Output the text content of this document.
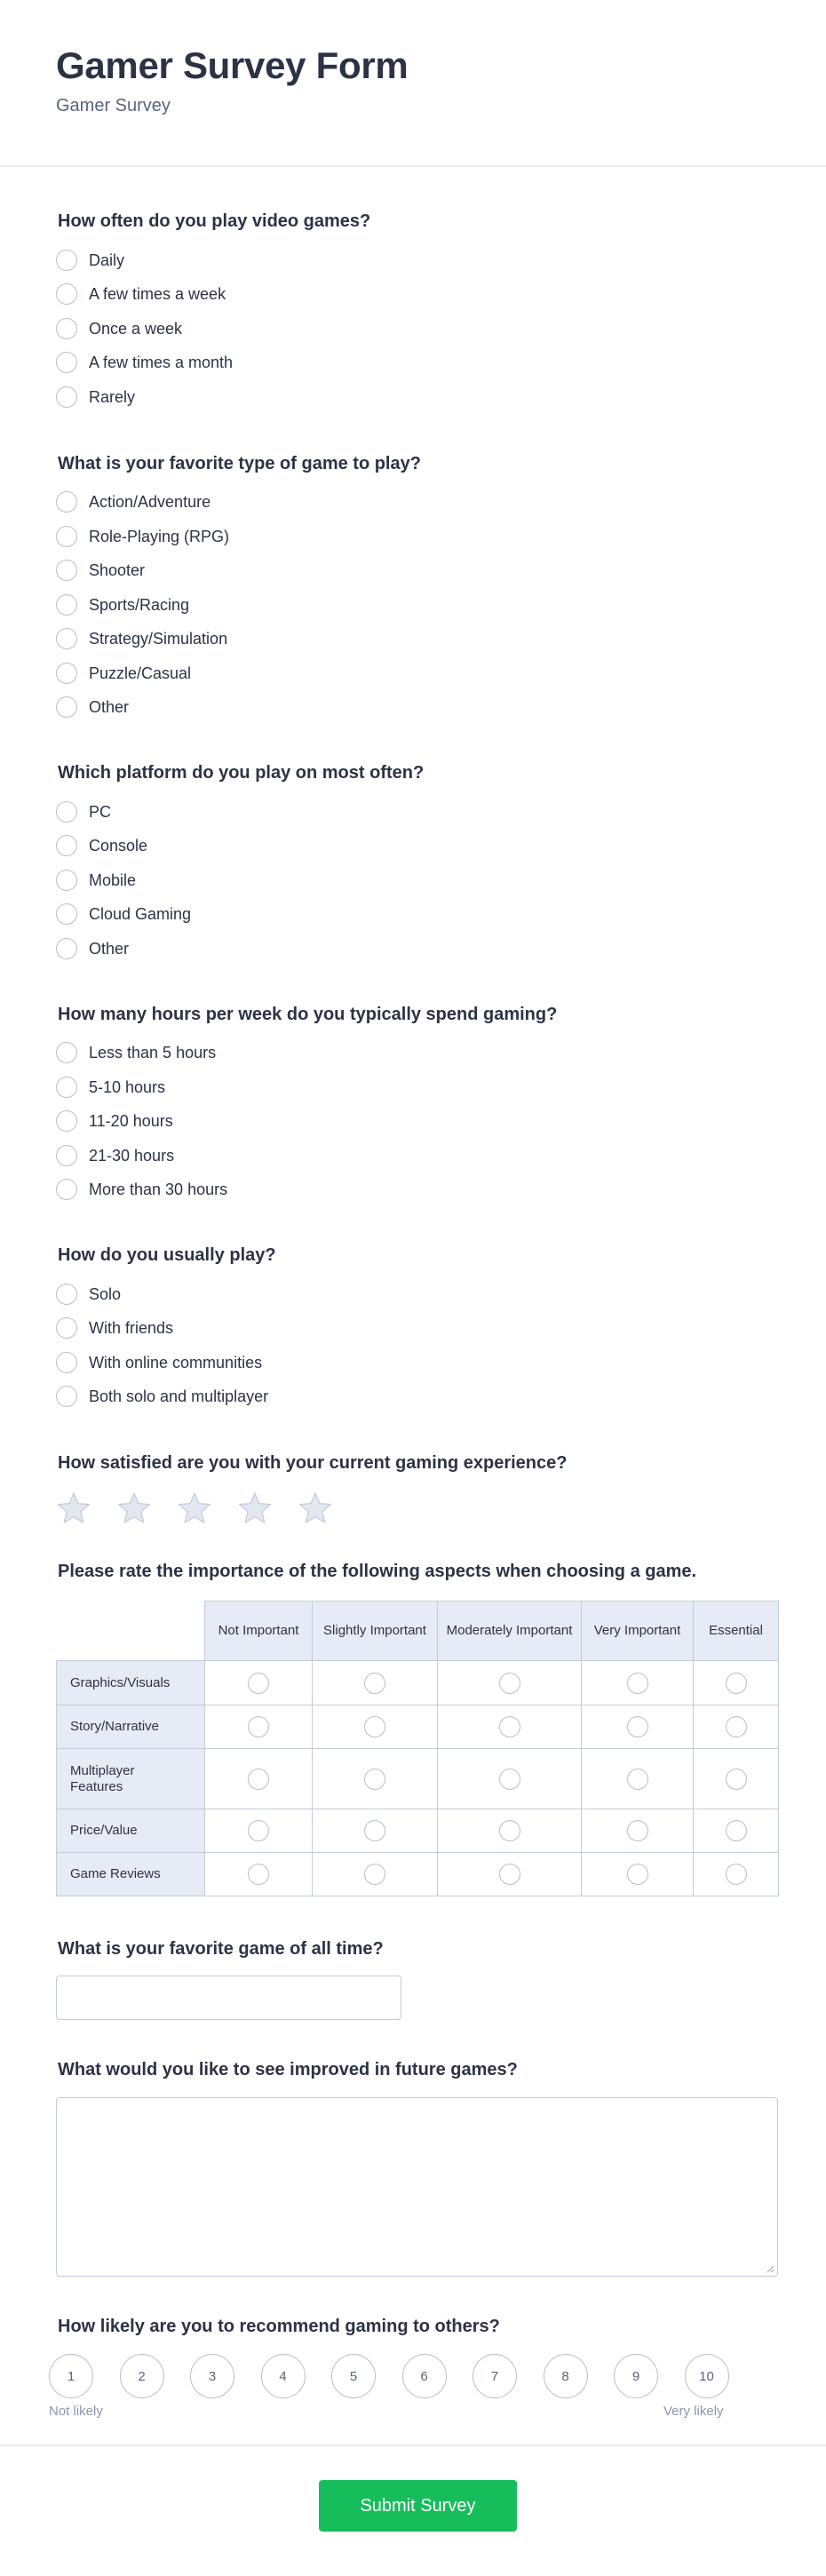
Gamer Survey Form
Gamer Survey
How often do you play video games?
Daily
A few times a week
Once a week
A few times a month
Rarely
What is your favorite type of game to play?
Action/Adventure
Role-Playing (RPG)
Shooter
Sports/Racing
Strategy/Simulation
Puzzle/Casual
Other
Which platform do you play on most often?
PC
Console
Mobile
Cloud Gaming
Other
How many hours per week do you typically spend gaming?
Less than 5 hours
5-10 hours
11-20 hours
21-30 hours
More than 30 hours
How do you usually play?
Solo
With friends
With online communities
Both solo and multiplayer
How satisfied are you with your current gaming experience?
Please rate the importance of the following aspects when choosing a game.
	Not Important	Slightly Important	Moderately Important	Very Important	Essential
Graphics/Visuals					
Story/Narrative					
Multiplayer Features					
Price/Value					
Game Reviews					
What is your favorite game of all time?
What would you like to see improved in future games?
How likely are you to recommend gaming to others?
1	2	3	4	5	6	7	8	9	10
Not likely	Very likely
Submit Survey
